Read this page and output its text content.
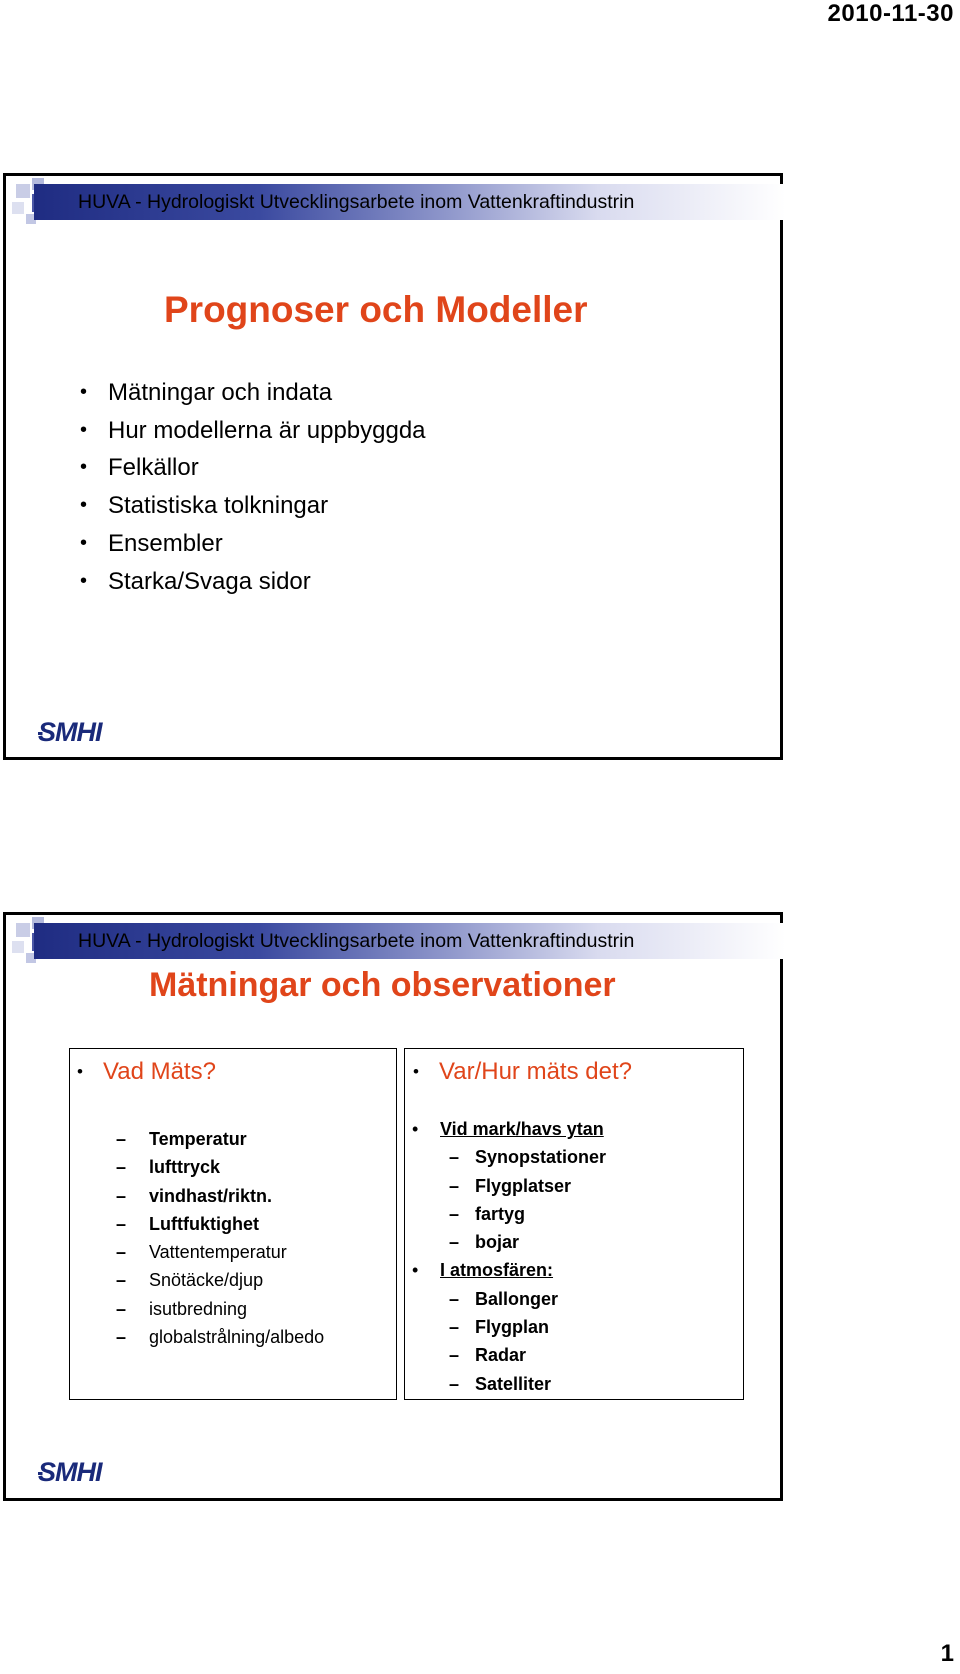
2010-11-30
HUVA - Hydrologiskt Utvecklingsarbete inom Vattenkraftindustrin
Prognoser och Modeller
• Mätningar och indata
• Hur modellerna är uppbyggda
• Felkällor
• Statistiska tolkningar
• Ensembler
• Starka/Svaga sidor
SMHI
HUVA - Hydrologiskt Utvecklingsarbete inom Vattenkraftindustrin
Mätningar och observationer
• Vad Mäts?
– Temperatur
– lufttryck
– vindhast/riktn.
– Luftfuktighet
– Vattentemperatur
– Snötäcke/djup
– isutbredning
– globalstrålning/albedo
• Var/Hur mäts det?
• Vid mark/havs ytan
– Synopstationer
– Flygplatser
– fartyg
– bojar
• I atmosfären:
– Ballonger
– Flygplan
– Radar
– Satelliter
SMHI
1
